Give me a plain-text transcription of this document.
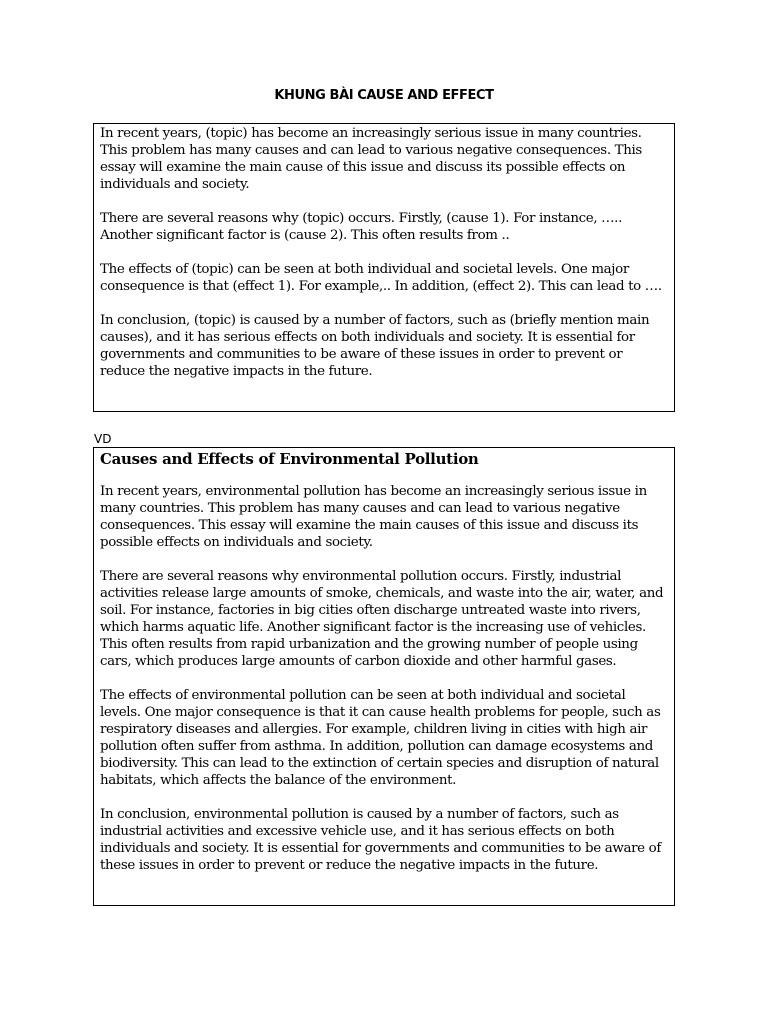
KHUNG BÀI CAUSE AND EFFECT

In recent years, (topic) has become an increasingly serious issue in many countries. This problem has many causes and can lead to various negative consequences. This essay will examine the main cause of this issue and discuss its possible effects on individuals and society.

There are several reasons why (topic) occurs. Firstly, (cause 1). For instance, ….. Another significant factor is (cause 2). This often results from ..

The effects of (topic) can be seen at both individual and societal levels. One major consequence is that (effect 1). For example,.. In addition, (effect 2). This can lead to ….

In conclusion, (topic) is caused by a number of factors, such as (briefly mention main causes), and it has serious effects on both individuals and society. It is essential for governments and communities to be aware of these issues in order to prevent or reduce the negative impacts in the future.

VD
Causes and Effects of Environmental Pollution

In recent years, environmental pollution has become an increasingly serious issue in many countries. This problem has many causes and can lead to various negative consequences. This essay will examine the main causes of this issue and discuss its possible effects on individuals and society.

There are several reasons why environmental pollution occurs. Firstly, industrial activities release large amounts of smoke, chemicals, and waste into the air, water, and soil. For instance, factories in big cities often discharge untreated waste into rivers, which harms aquatic life. Another significant factor is the increasing use of vehicles. This often results from rapid urbanization and the growing number of people using cars, which produces large amounts of carbon dioxide and other harmful gases.

The effects of environmental pollution can be seen at both individual and societal levels. One major consequence is that it can cause health problems for people, such as respiratory diseases and allergies. For example, children living in cities with high air pollution often suffer from asthma. In addition, pollution can damage ecosystems and biodiversity. This can lead to the extinction of certain species and disruption of natural habitats, which affects the balance of the environment.

In conclusion, environmental pollution is caused by a number of factors, such as industrial activities and excessive vehicle use, and it has serious effects on both individuals and society. It is essential for governments and communities to be aware of these issues in order to prevent or reduce the negative impacts in the future.
